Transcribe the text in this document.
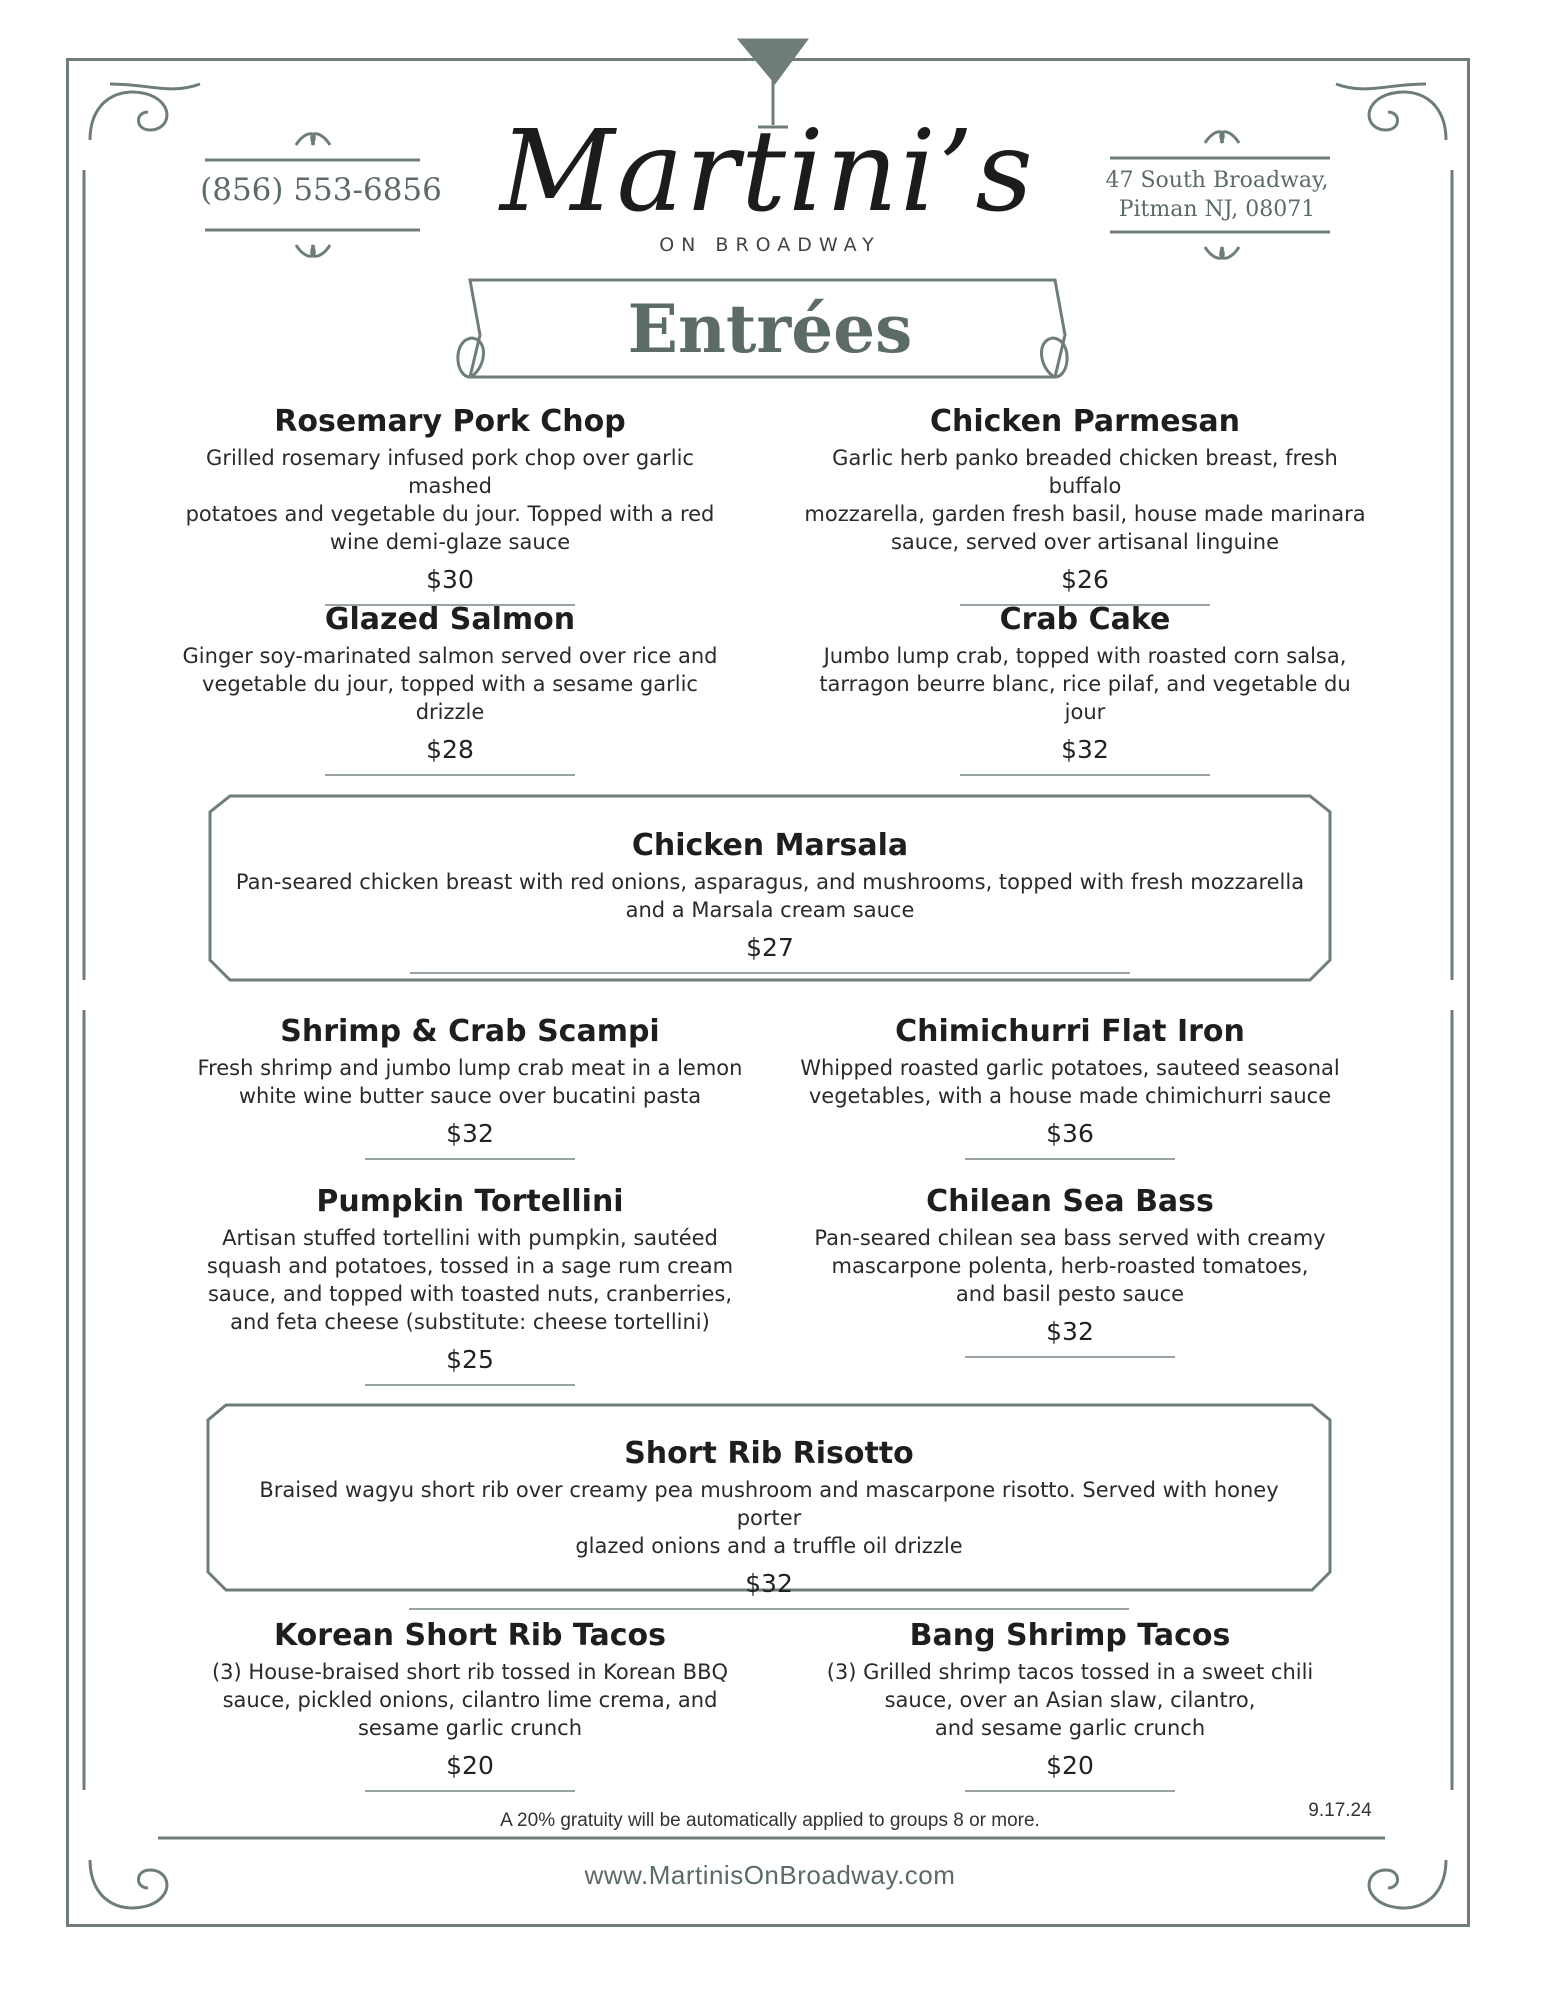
(856) 553-6856	47 South Broadway,
Pitman NJ, 08071
Martini’s
ON BROADWAY
Entrées
Rosemary Pork Chop
Grilled rosemary infused pork chop over garlic mashed
potatoes and vegetable du jour. Topped with a red
wine demi-glaze sauce
$30
Chicken Parmesan
Garlic herb panko breaded chicken breast, fresh buffalo
mozzarella, garden fresh basil, house made marinara
sauce, served over artisanal linguine
$26
Glazed Salmon
Ginger soy-marinated salmon served over rice and
vegetable du jour, topped with a sesame garlic drizzle
$28
Crab Cake
Jumbo lump crab, topped with roasted corn salsa,
tarragon beurre blanc, rice pilaf, and vegetable du jour
$32
Chicken Marsala
Pan-seared chicken breast with red onions, asparagus, and mushrooms, topped with fresh mozzarella
and a Marsala cream sauce
$27
Shrimp & Crab Scampi
Fresh shrimp and jumbo lump crab meat in a lemon
white wine butter sauce over bucatini pasta
$32
Chimichurri Flat Iron
Whipped roasted garlic potatoes, sauteed seasonal
vegetables, with a house made chimichurri sauce
$36
Pumpkin Tortellini
Artisan stuffed tortellini with pumpkin, sautéed
squash and potatoes, tossed in a sage rum cream
sauce, and topped with toasted nuts, cranberries,
and feta cheese (substitute: cheese tortellini)
$25
Chilean Sea Bass
Pan-seared chilean sea bass served with creamy
mascarpone polenta, herb-roasted tomatoes,
and basil pesto sauce
$32
Short Rib Risotto
Braised wagyu short rib over creamy pea mushroom and mascarpone risotto. Served with honey porter
glazed onions and a truffle oil drizzle
$32
Korean Short Rib Tacos
(3) House-braised short rib tossed in Korean BBQ
sauce, pickled onions, cilantro lime crema, and
sesame garlic crunch
$20
Bang Shrimp Tacos
(3) Grilled shrimp tacos tossed in a sweet chili
sauce, over an Asian slaw, cilantro,
and sesame garlic crunch
$20
A 20% gratuity will be automatically applied to groups 8 or more.	9.17.24
www.MartinisOnBroadway.com
